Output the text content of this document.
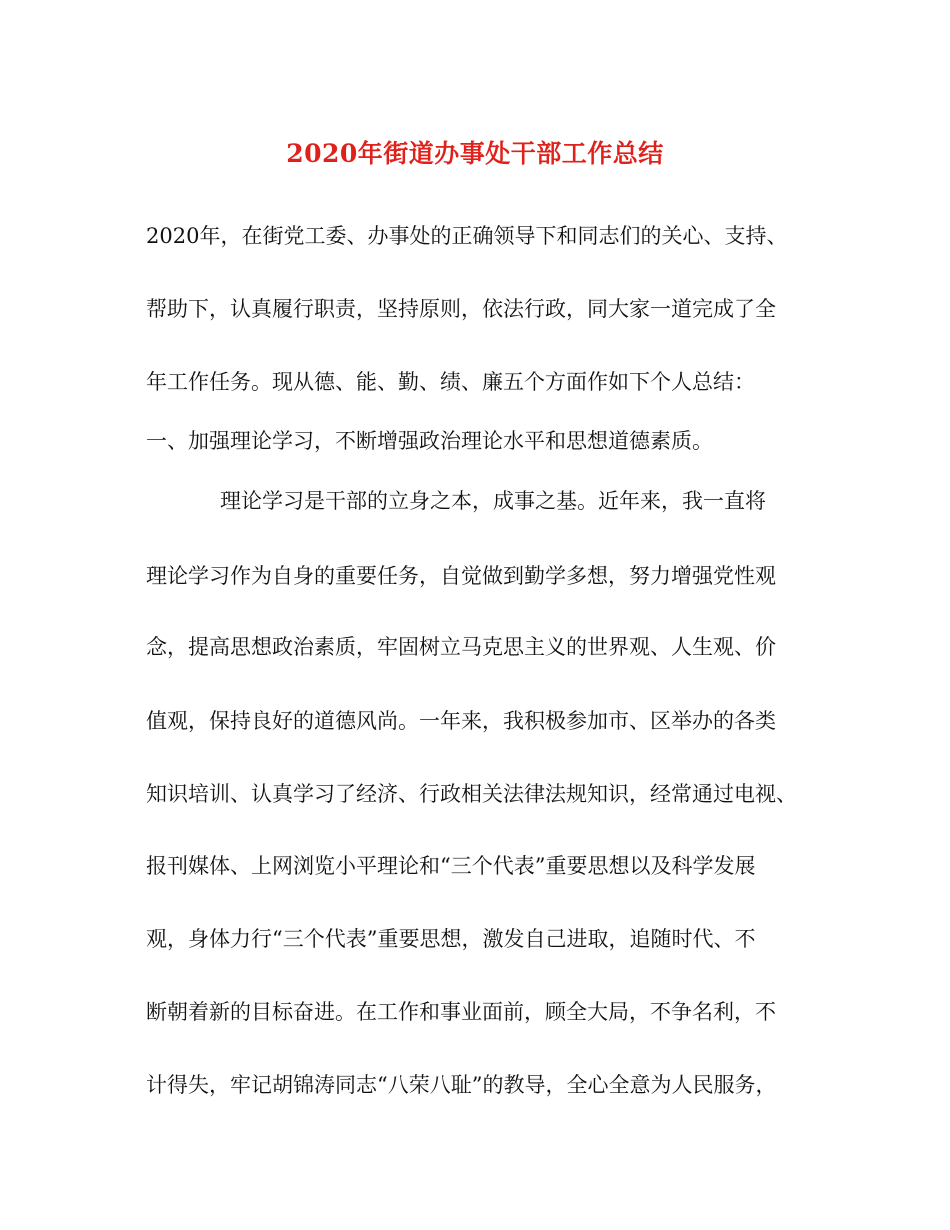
2020年街道办事处干部工作总结
2020年，在街党工委、办事处的正确领导下和同志们的关心、支持、
帮助下，认真履行职责，坚持原则，依法行政，同大家一道完成了全
年工作任务。现从德、能、勤、绩、廉五个方面作如下个人总结：
一、加强理论学习，不断增强政治理论水平和思想道德素质。
理论学习是干部的立身之本，成事之基。近年来，我一直将
理论学习作为自身的重要任务，自觉做到勤学多想，努力增强党性观
念，提高思想政治素质，牢固树立马克思主义的世界观、人生观、价
值观，保持良好的道德风尚。一年来，我积极参加市、区举办的各类
知识培训、认真学习了经济、行政相关法律法规知识，经常通过电视、
报刊媒体、上网浏览小平理论和“三个代表”重要思想以及科学发展
观，身体力行“三个代表”重要思想，激发自己进取，追随时代、不
断朝着新的目标奋进。在工作和事业面前，顾全大局，不争名利，不
计得失，牢记胡锦涛同志“八荣八耻”的教导，全心全意为人民服务，
